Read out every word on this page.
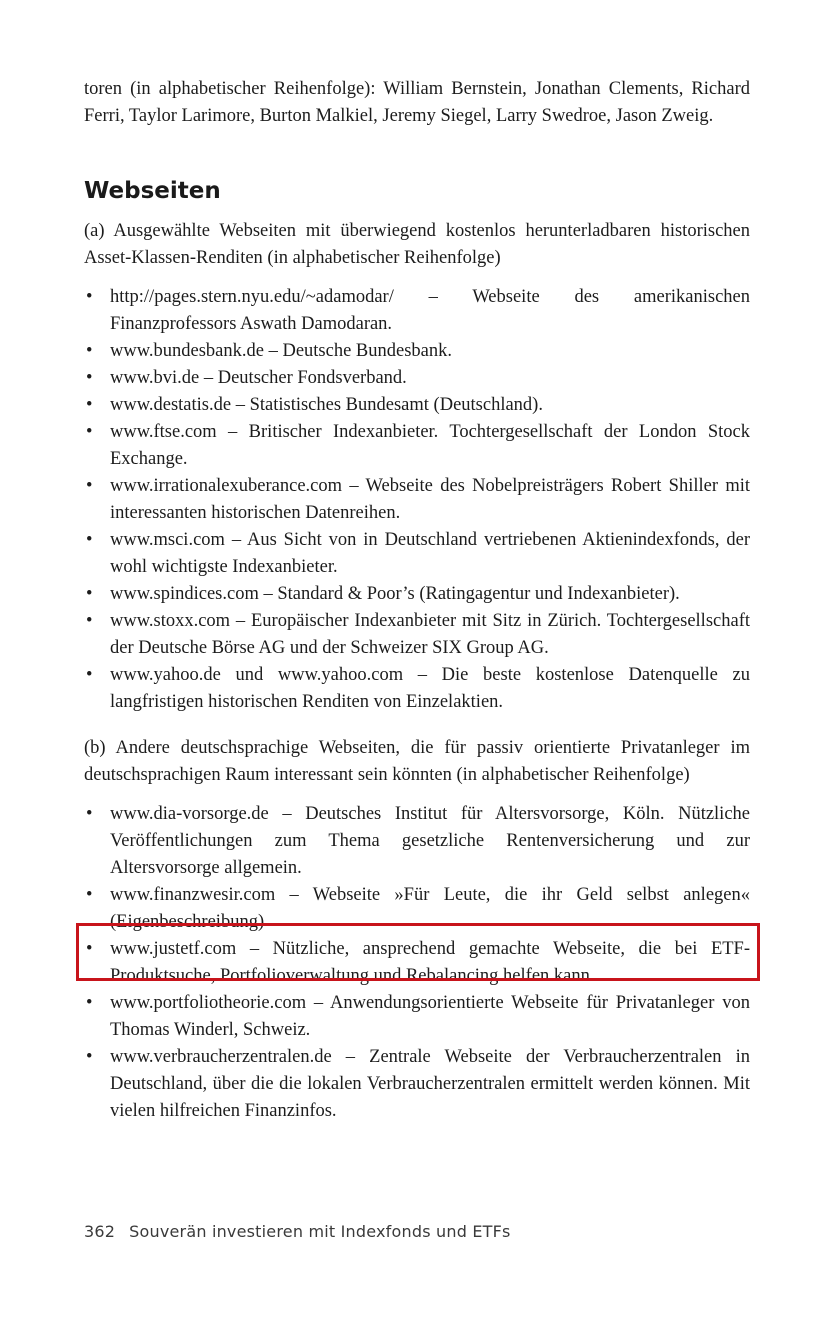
toren (in alphabetischer Reihenfolge): William Bernstein, Jonathan Clements, Richard Ferri, Taylor Larimore, Burton Malkiel, Jeremy Siegel, Larry Swedroe, Jason Zweig.

Webseiten

(a) Ausgewählte Webseiten mit überwiegend kostenlos herunterladbaren historischen Asset-Klassen-Renditen (in alphabetischer Reihenfolge)

• http://pages.stern.nyu.edu/~adamodar/ – Webseite des amerikanischen Finanzprofessors Aswath Damodaran.
• www.bundesbank.de – Deutsche Bundesbank.
• www.bvi.de – Deutscher Fondsverband.
• www.destatis.de – Statistisches Bundesamt (Deutschland).
• www.ftse.com – Britischer Indexanbieter. Tochtergesellschaft der London Stock Exchange.
• www.irrationalexuberance.com – Webseite des Nobelpreisträgers Robert Shiller mit interessanten historischen Datenreihen.
• www.msci.com – Aus Sicht von in Deutschland vertriebenen Aktienindexfonds, der wohl wichtigste Indexanbieter.
• www.spindices.com – Standard & Poor’s (Ratingagentur und Indexanbieter).
• www.stoxx.com – Europäischer Indexanbieter mit Sitz in Zürich. Tochtergesellschaft der Deutsche Börse AG und der Schweizer SIX Group AG.
• www.yahoo.de und www.yahoo.com – Die beste kostenlose Datenquelle zu langfristigen historischen Renditen von Einzelaktien.

(b) Andere deutschsprachige Webseiten, die für passiv orientierte Privatanleger im deutschsprachigen Raum interessant sein könnten (in alphabetischer Reihenfolge)

• www.dia-vorsorge.de – Deutsches Institut für Altersvorsorge, Köln. Nützliche Veröffentlichungen zum Thema gesetzliche Rentenversicherung und zur Altersvorsorge allgemein.
• www.finanzwesir.com – Webseite »Für Leute, die ihr Geld selbst anlegen« (Eigenbeschreibung)
• www.justetf.com – Nützliche, ansprechend gemachte Webseite, die bei ETF-Produktsuche, Portfolioverwaltung und Rebalancing helfen kann.
• www.portfoliotheorie.com – Anwendungsorientierte Webseite für Privatanleger von Thomas Winderl, Schweiz.
• www.verbraucherzentralen.de – Zentrale Webseite der Verbraucherzentralen in Deutschland, über die die lokalen Verbraucherzentralen ermittelt werden können. Mit vielen hilfreichen Finanzinfos.
362 Souverän investieren mit Indexfonds und ETFs
